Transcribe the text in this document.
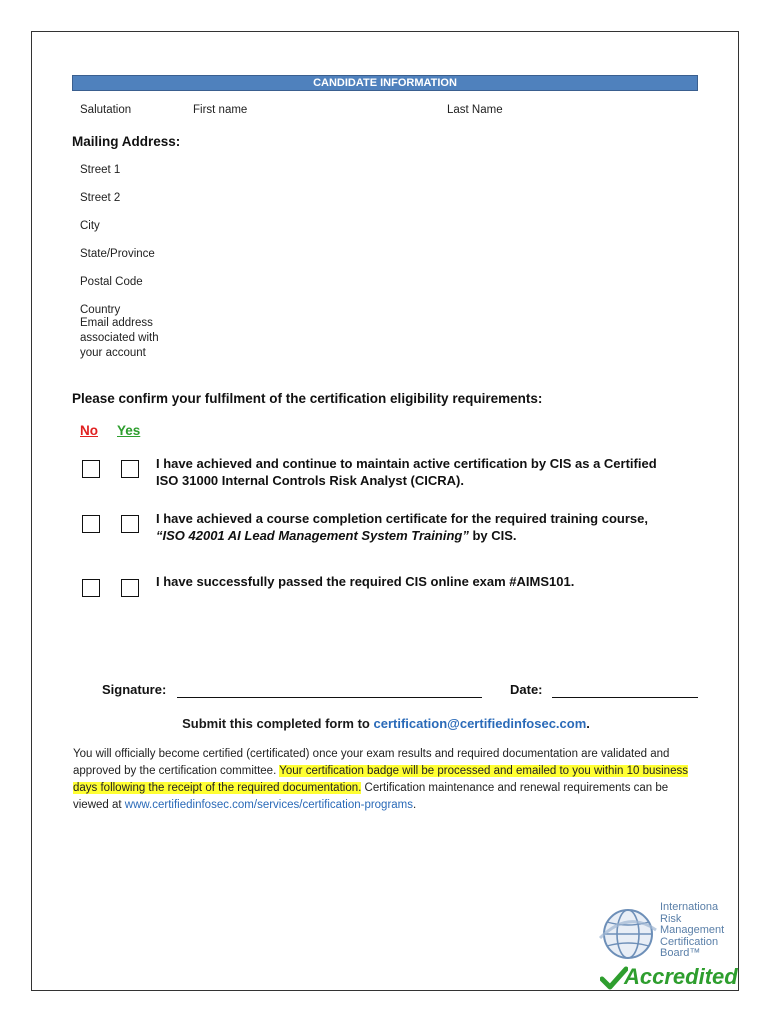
CANDIDATE INFORMATION
Salutation	First name	Last Name
Mailing Address:
Street 1
Street 2
City
State/Province
Postal Code
Country
Email address
associated with
your account
Please confirm your fulfilment of the certification eligibility requirements:
No Yes
I have achieved and continue to maintain active certification by CIS as a Certified
ISO 31000 Internal Controls Risk Analyst (CICRA).
I have achieved a course completion certificate for the required training course,
“ISO 42001 AI Lead Management System Training” by CIS.
I have successfully passed the required CIS online exam #AIMS101.
Signature:	Date:
Submit this completed form to certification@certifiedinfosec.com.
You will officially become certified (certificated) once your exam results and required documentation are validated and approved by the certification committee. Your certification badge will be processed and emailed to you within 10 business days following the receipt of the required documentation. Certification maintenance and renewal requirements can be viewed at www.certifiedinfosec.com/services/certification-programs.
Internationa
Risk
Management
Certification
Board™
Accredited
